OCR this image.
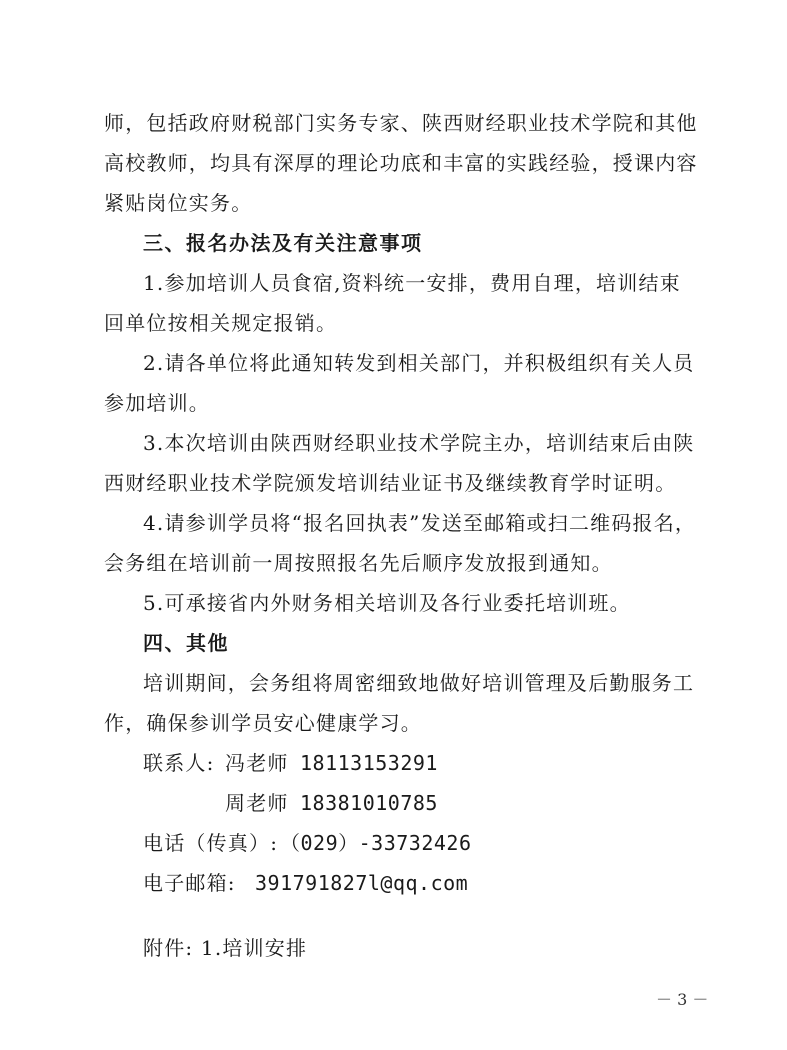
师，包括政府财税部门实务专家、陕西财经职业技术学院和其他
高校教师，均具有深厚的理论功底和丰富的实践经验，授课内容
紧贴岗位实务。
三、报名办法及有关注意事项
1.参加培训人员食宿,资料统一安排，费用自理，培训结束
回单位按相关规定报销。
2.请各单位将此通知转发到相关部门，并积极组织有关人员
参加培训。
3.本次培训由陕西财经职业技术学院主办，培训结束后由陕
西财经职业技术学院颁发培训结业证书及继续教育学时证明。
4.请参训学员将“报名回执表”发送至邮箱或扫二维码报名，
会务组在培训前一周按照报名先后顺序发放报到通知。
5.可承接省内外财务相关培训及各行业委托培训班。
四、其他
培训期间，会务组将周密细致地做好培训管理及后勤服务工
作，确保参训学员安心健康学习。
联系人: 冯老师 18113153291
周老师 18381010785
电话（传真）: （029）-33732426
电子邮箱: 391791827l@qq.com
附件: 1.培训安排
－ 3 －
